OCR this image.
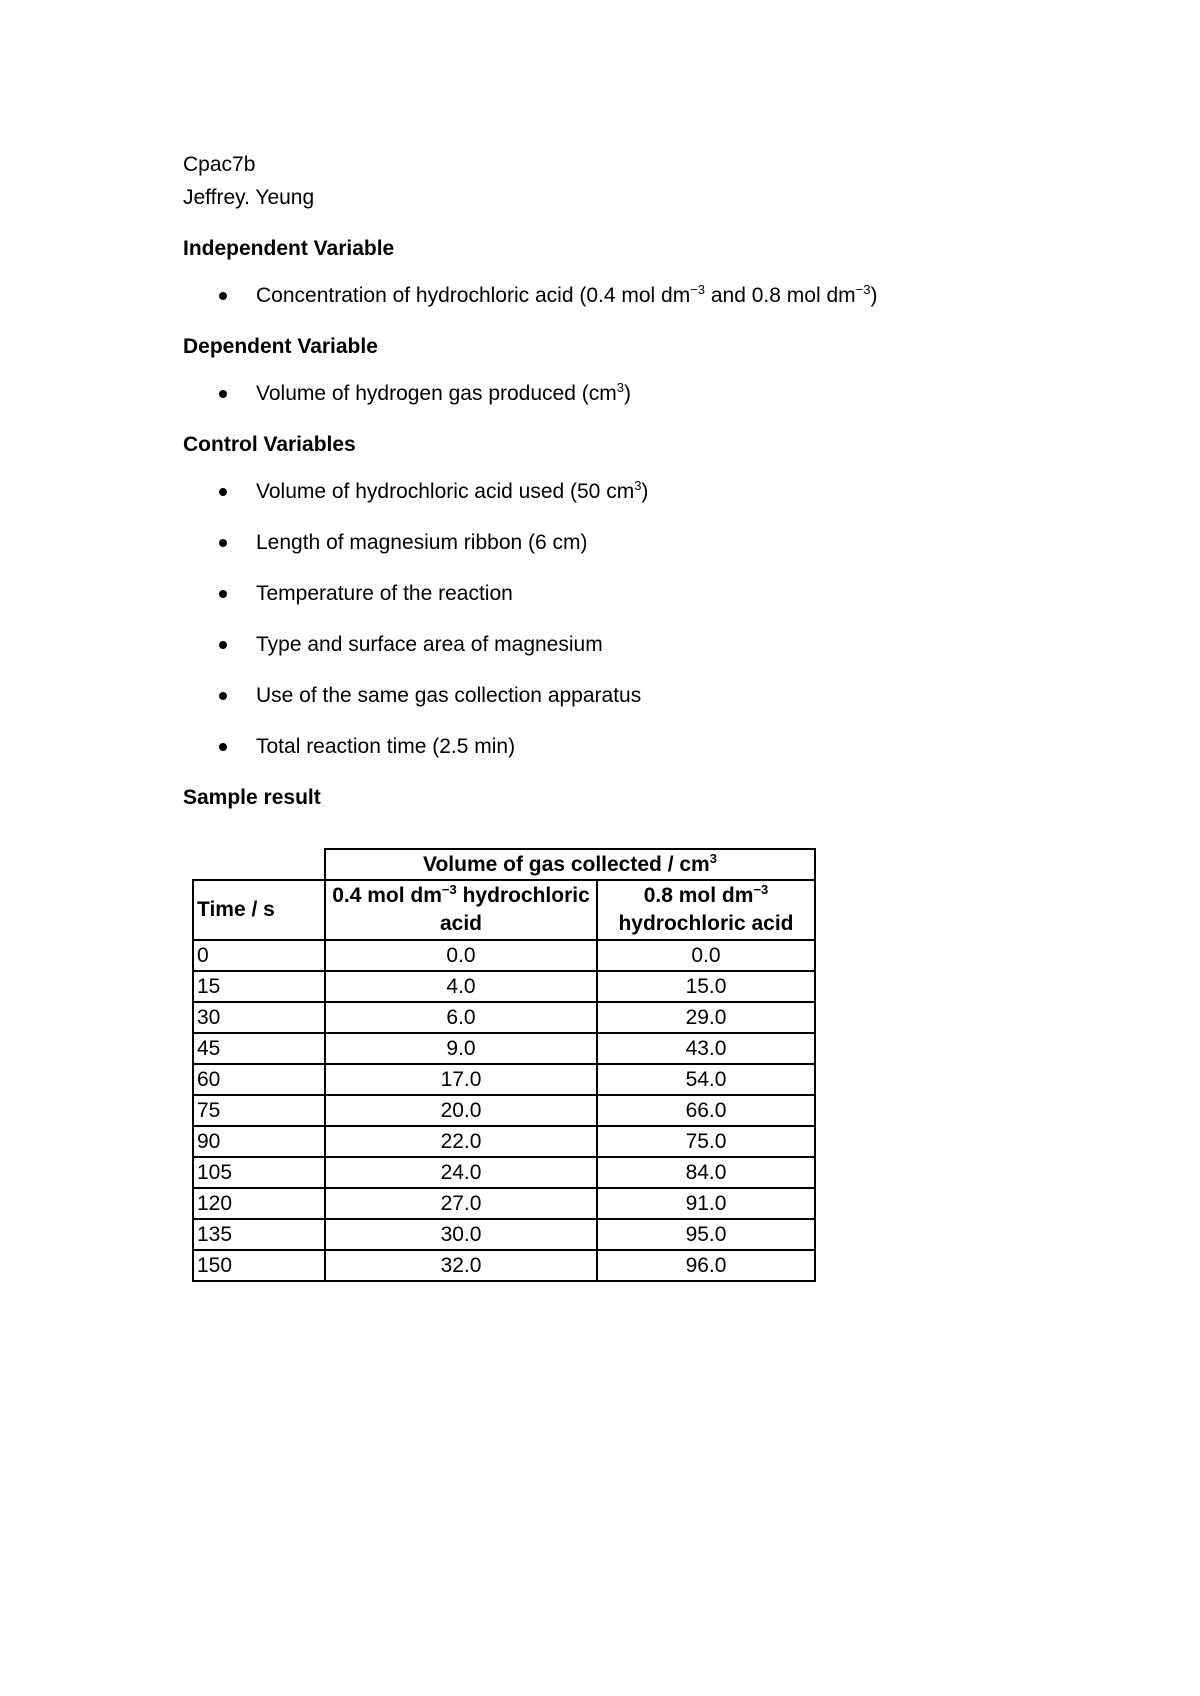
Cpac7b

Jeffrey. Yeung

Independent Variable

Concentration of hydrochloric acid (0.4 mol $dm^{-3}$ and 0.8 mol $dm^{-3}$)

Dependent Variable

Volume of hydrogen gas produced $(cm^3)$

Control Variables

Volume of hydrochloric acid used (50 $cm^3$)
Length of magnesium ribbon (6 cm)
Temperature of the reaction
Type and surface area of magnesium
Use of the same gas collection apparatus
Total reaction time (2.5 min)

Sample result

	Volume of gas collected / $cm^3$
Time / s	0.4 mol $dm^{-3}$ hydrochloric acid	0.8 mol $dm^{-3}$ hydrochloric acid
0	0.0	0.0
15	4.0	15.0
30	6.0	29.0
45	9.0	43.0
60	17.0	54.0
75	20.0	66.0
90	22.0	75.0
105	24.0	84.0
120	27.0	91.0
135	30.0	95.0
150	32.0	96.0
